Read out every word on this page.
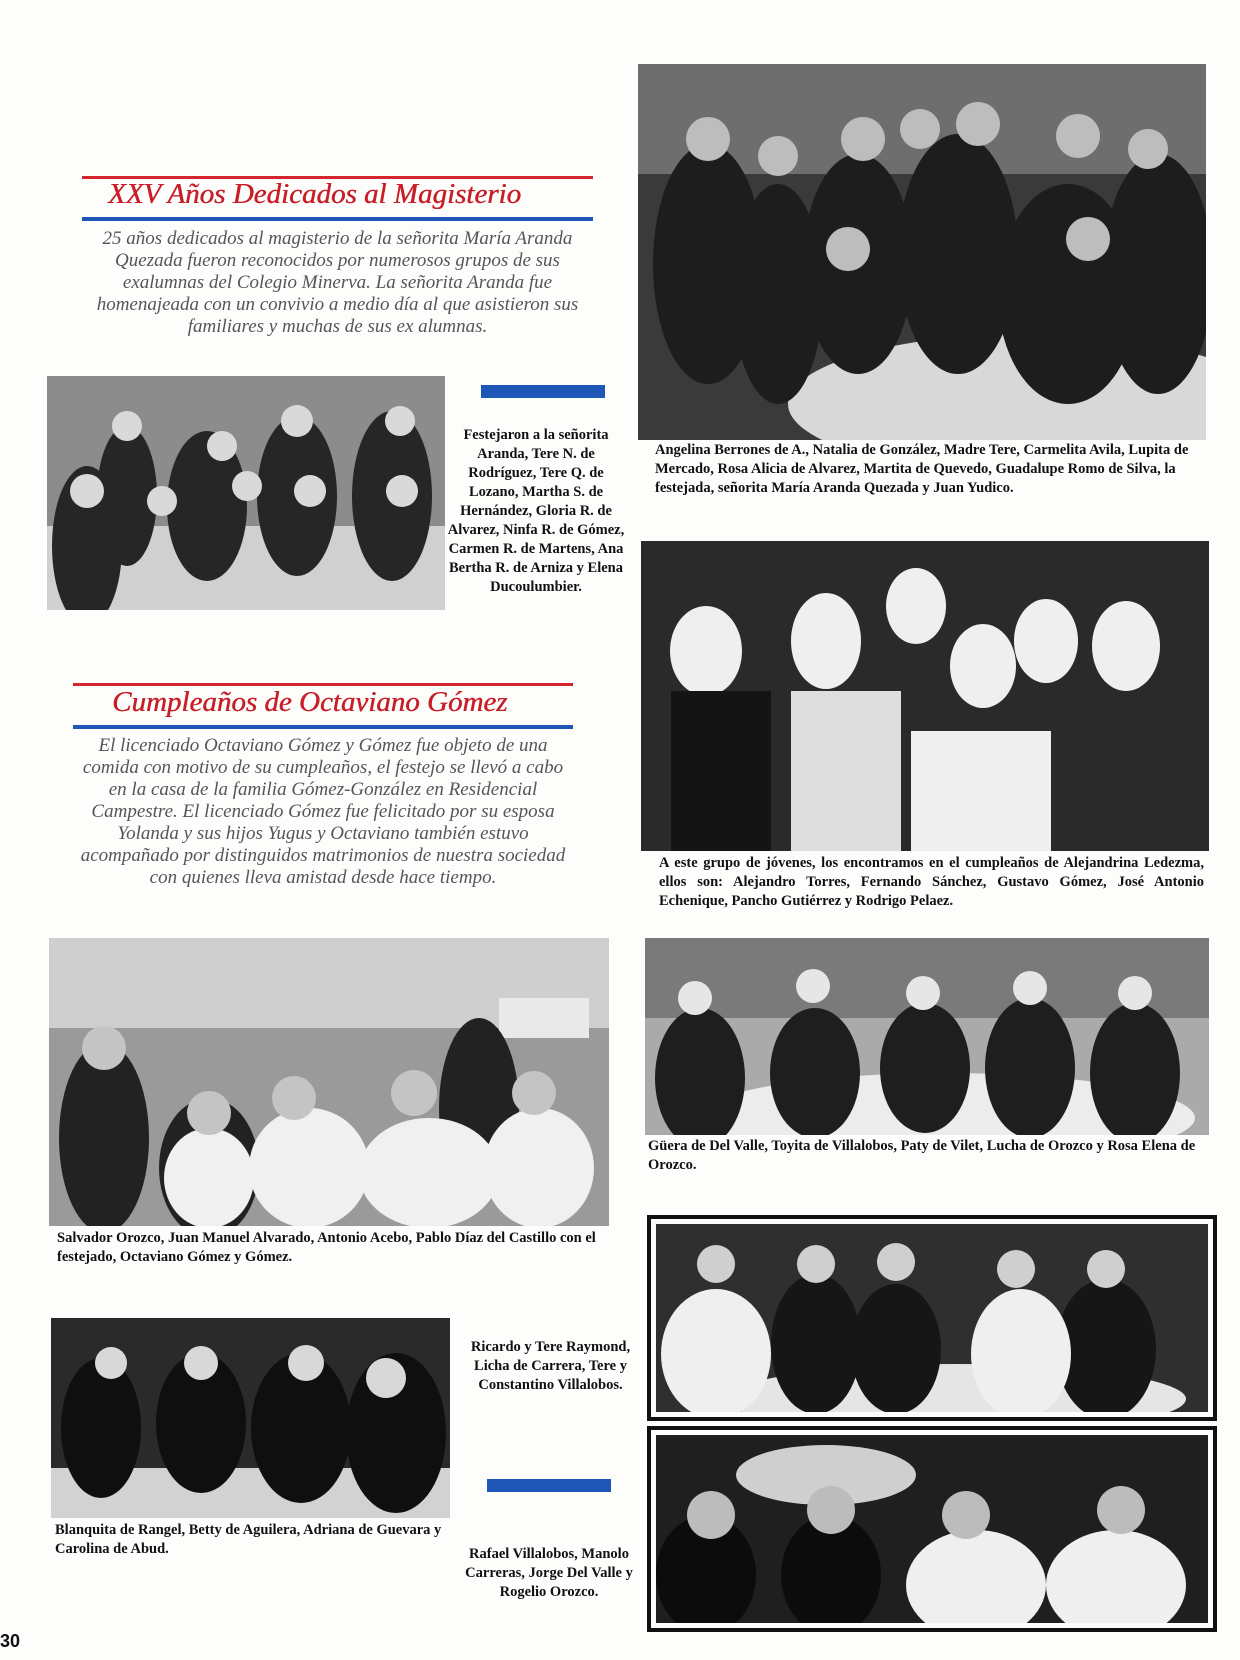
XXV Años Dedicados al Magisterio
25 años dedicados al magisterio de la señorita María Aranda Quezada fueron reconocidos por numerosos grupos de sus exalumnas del Colegio Minerva. La señorita Aranda fue homenajeada con un convivio a medio día al que asistieron sus familiares y muchas de sus ex alumnas.
Angelina Berrones de A., Natalia de González, Madre Tere, Carmelita Avila, Lupita de Mercado, Rosa Alicia de Alvarez, Martita de Quevedo, Guadalupe Romo de Silva, la festejada, señorita María Aranda Quezada y Juan Yudico.
Festejaron a la señorita Aranda, Tere N. de Rodríguez, Tere Q. de Lozano, Martha S. de Hernández, Gloria R. de Alvarez, Ninfa R. de Gómez, Carmen R. de Martens, Ana Bertha R. de Arniza y Elena Ducoulumbier.
A este grupo de jóvenes, los encontramos en el cumpleaños de Alejandrina Ledezma, ellos son: Alejandro Torres, Fernando Sánchez, Gustavo Gómez, José Antonio Echenique, Pancho Gutiérrez y Rodrigo Pelaez.
Cumpleaños de Octaviano Gómez
El licenciado Octaviano Gómez y Gómez fue objeto de una comida con motivo de su cumpleaños, el festejo se llevó a cabo en la casa de la familia Gómez-González en Residencial Campestre. El licenciado Gómez fue felicitado por su esposa Yolanda y sus hijos Yugus y Octaviano también estuvo acompañado por distinguidos matrimonios de nuestra sociedad con quienes lleva amistad desde hace tiempo.
Güera de Del Valle, Toyita de Villalobos, Paty de Vilet, Lucha de Orozco y Rosa Elena de Orozco.
Salvador Orozco, Juan Manuel Alvarado, Antonio Acebo, Pablo Díaz del Castillo con el festejado, Octaviano Gómez y Gómez.
Ricardo y Tere Raymond, Licha de Carrera, Tere y Constantino Villalobos.
Blanquita de Rangel, Betty de Aguilera, Adriana de Guevara y Carolina de Abud.	Rafael Villalobos, Manolo Carreras, Jorge Del Valle y Rogelio Orozco.
30
